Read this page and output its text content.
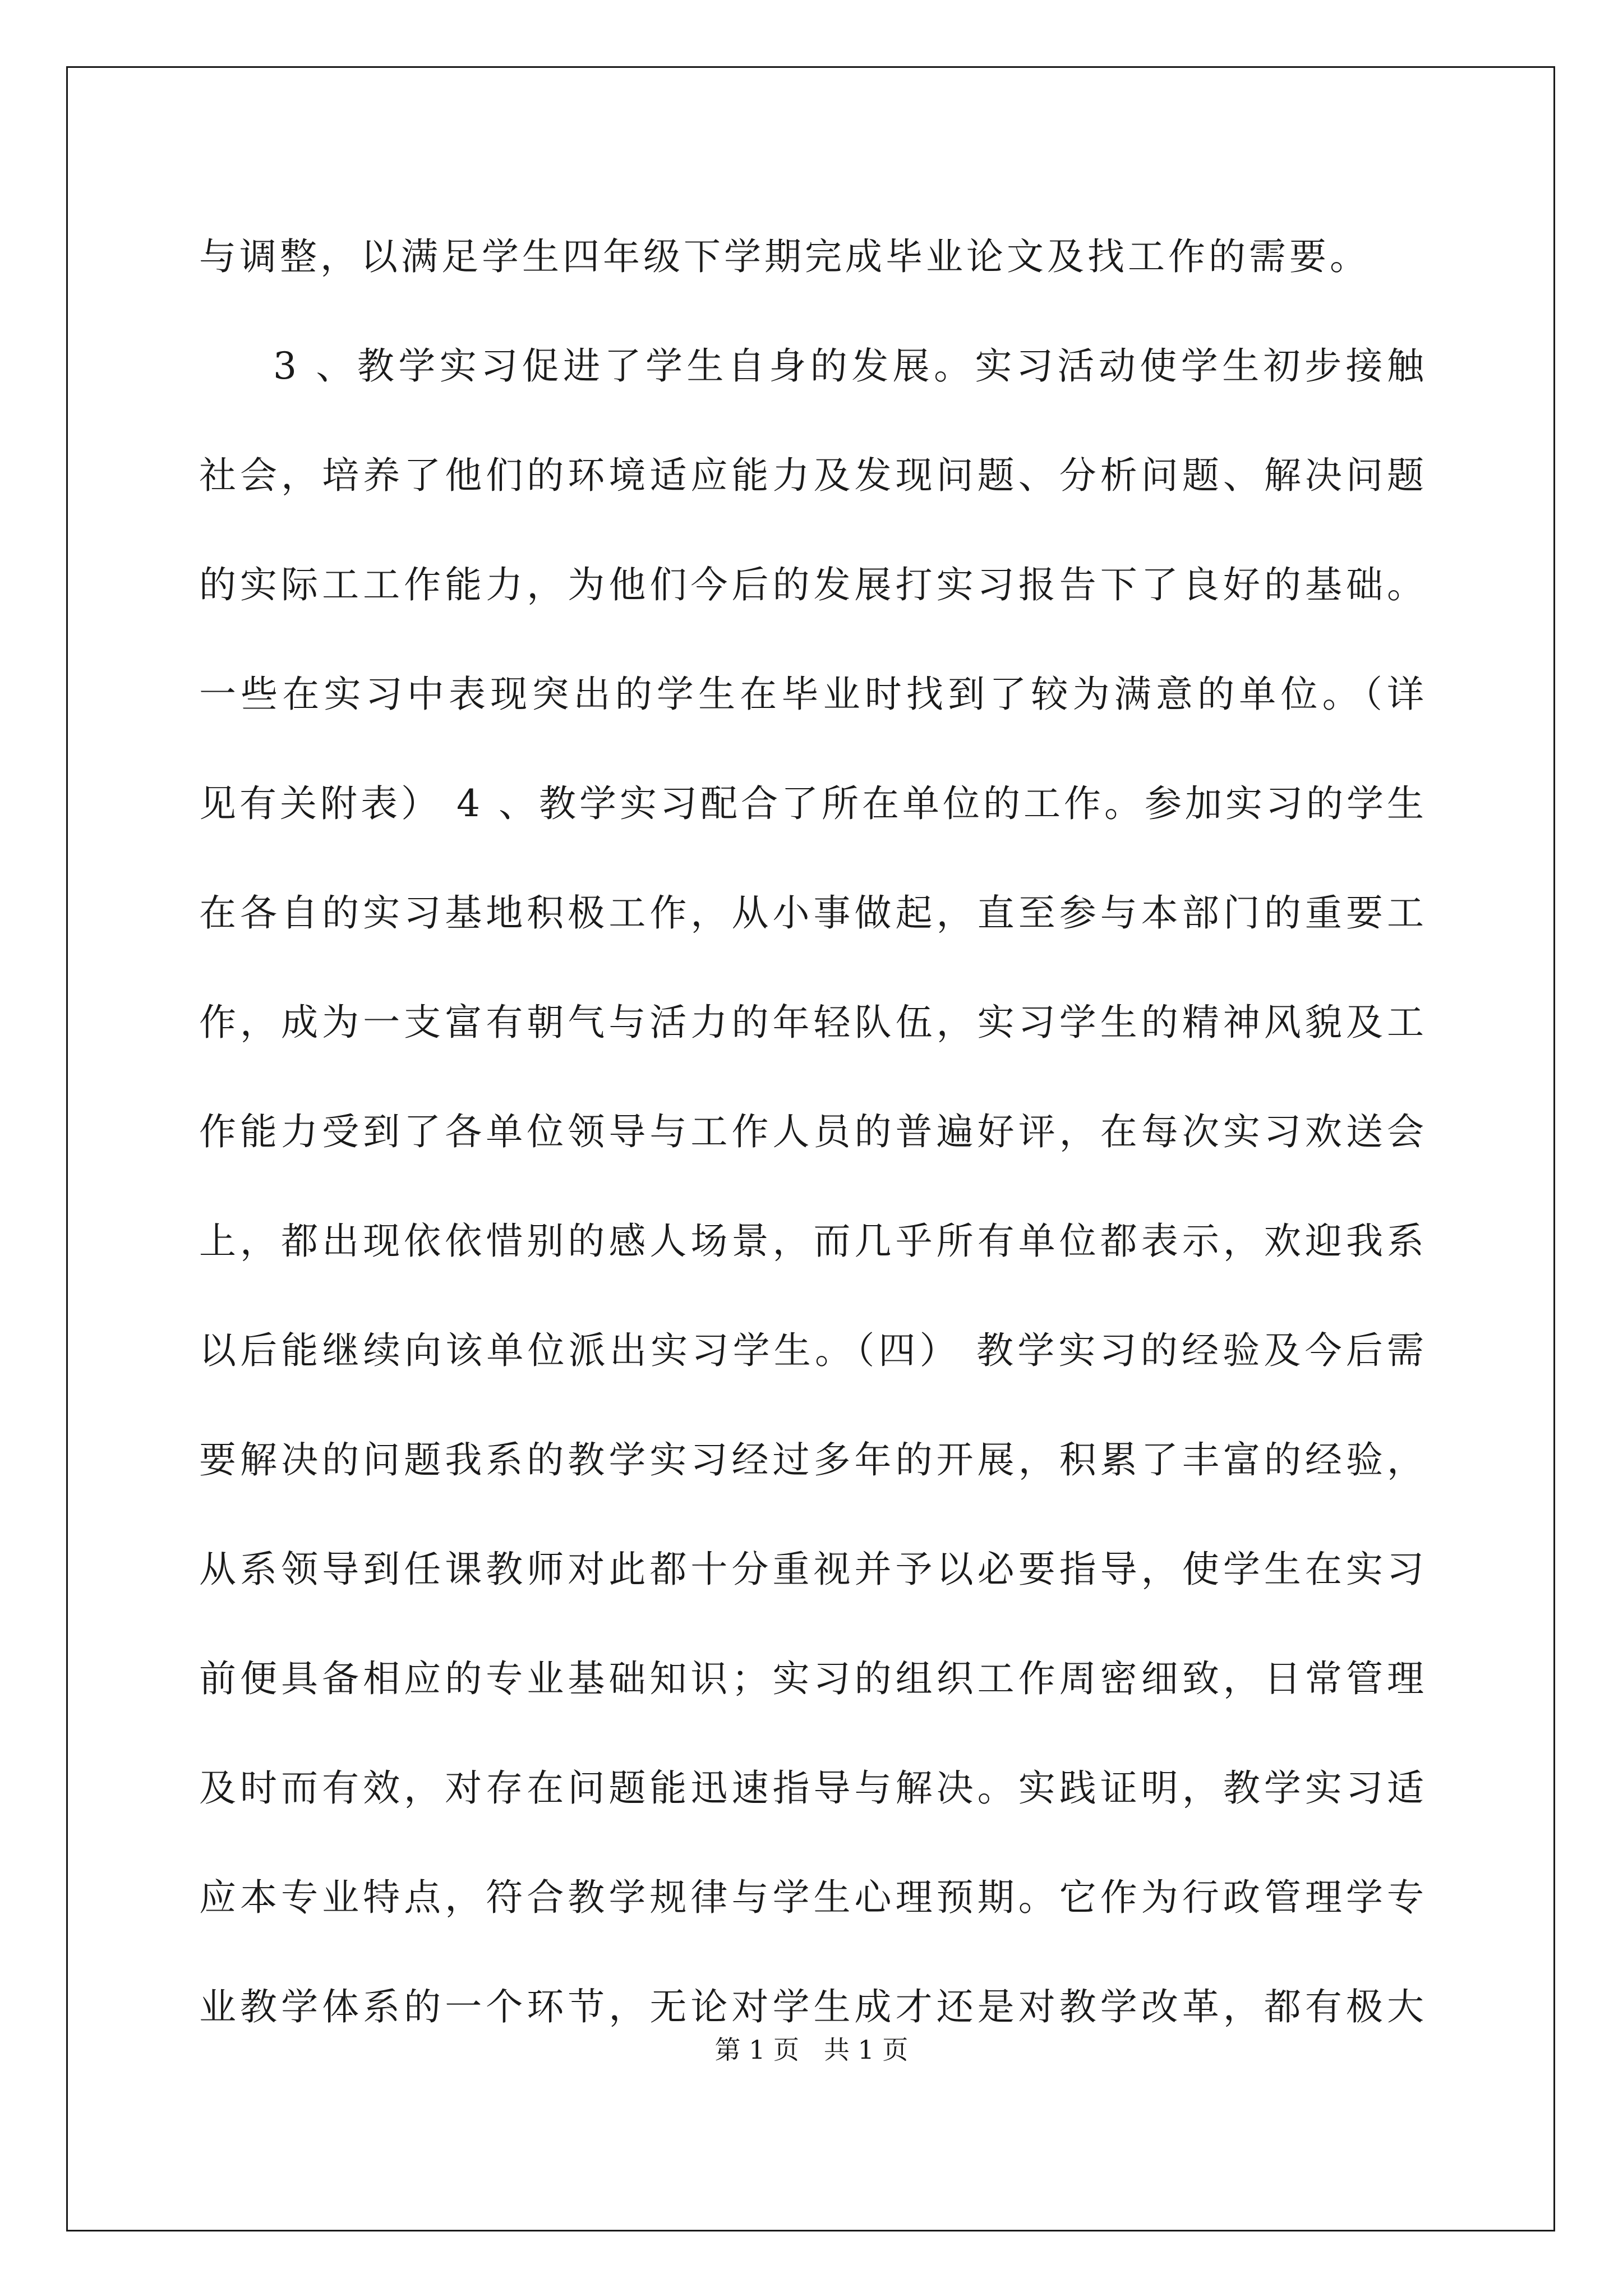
与调整，以满足学生四年级下学期完成毕业论文及找工作的需要。
3 、教学实习促进了学生自身的发展。实习活动使学生初步接触
社会，培养了他们的环境适应能力及发现问题、分析问题、解决问题
的实际工工作能力，为他们今后的发展打实习报告下了良好的基础。
一些在实习中表现突出的学生在毕业时找到了较为满意的单位。（详
见有关附表） 4 、教学实习配合了所在单位的工作。参加实习的学生
在各自的实习基地积极工作，从小事做起，直至参与本部门的重要工
作，成为一支富有朝气与活力的年轻队伍，实习学生的精神风貌及工
作能力受到了各单位领导与工作人员的普遍好评，在每次实习欢送会
上，都出现依依惜别的感人场景，而几乎所有单位都表示，欢迎我系
以后能继续向该单位派出实习学生。（四） 教学实习的经验及今后需
要解决的问题我系的教学实习经过多年的开展，积累了丰富的经验，
从系领导到任课教师对此都十分重视并予以必要指导，使学生在实习
前便具备相应的专业基础知识；实习的组织工作周密细致，日常管理
及时而有效，对存在问题能迅速指导与解决。实践证明，教学实习适
应本专业特点，符合教学规律与学生心理预期。它作为行政管理学专
业教学体系的一个环节，无论对学生成才还是对教学改革，都有极大
第 1 页   共 1 页
